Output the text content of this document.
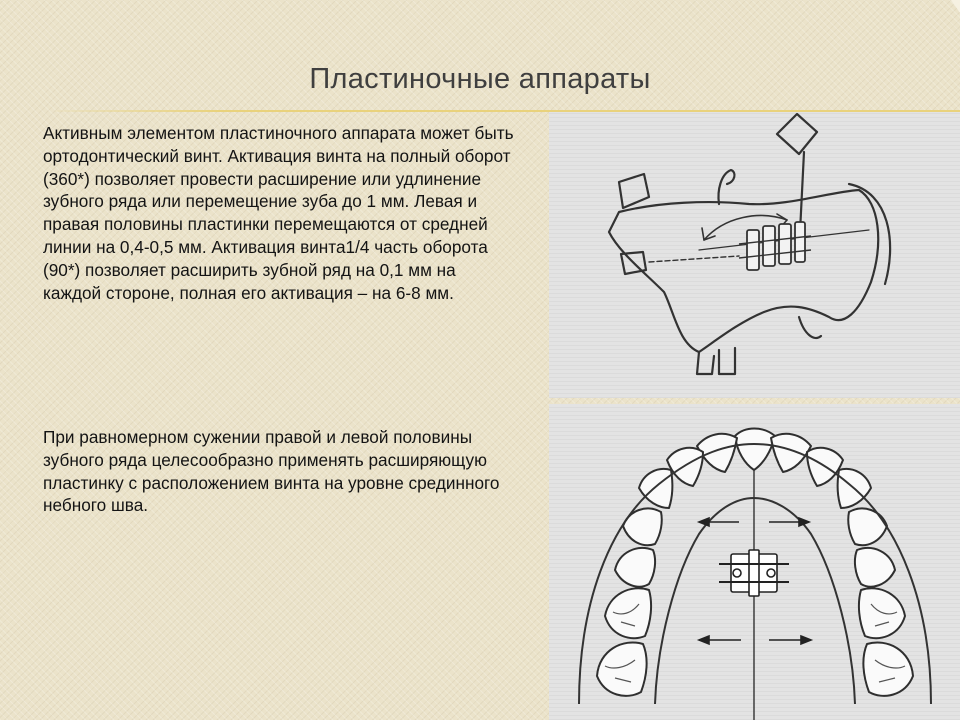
Пластиночные аппараты

Активным элементом пластиночного аппарата может быть ортодонтический винт. Активация винта на полный оборот (360*) позволяет провести расширение или удлинение зубного ряда или перемещение зуба до 1 мм. Левая и правая половины пластинки перемещаются от средней линии на 0,4-0,5 мм. Активация винта1/4 часть оборота (90*) позволяет расширить зубной ряд на 0,1 мм на каждой стороне, полная его активация – на 6-8 мм.

При равномерном сужении правой и левой половины зубного ряда целесообразно применять расширяющую пластинку с расположением винта на уровне срединного небного шва.
